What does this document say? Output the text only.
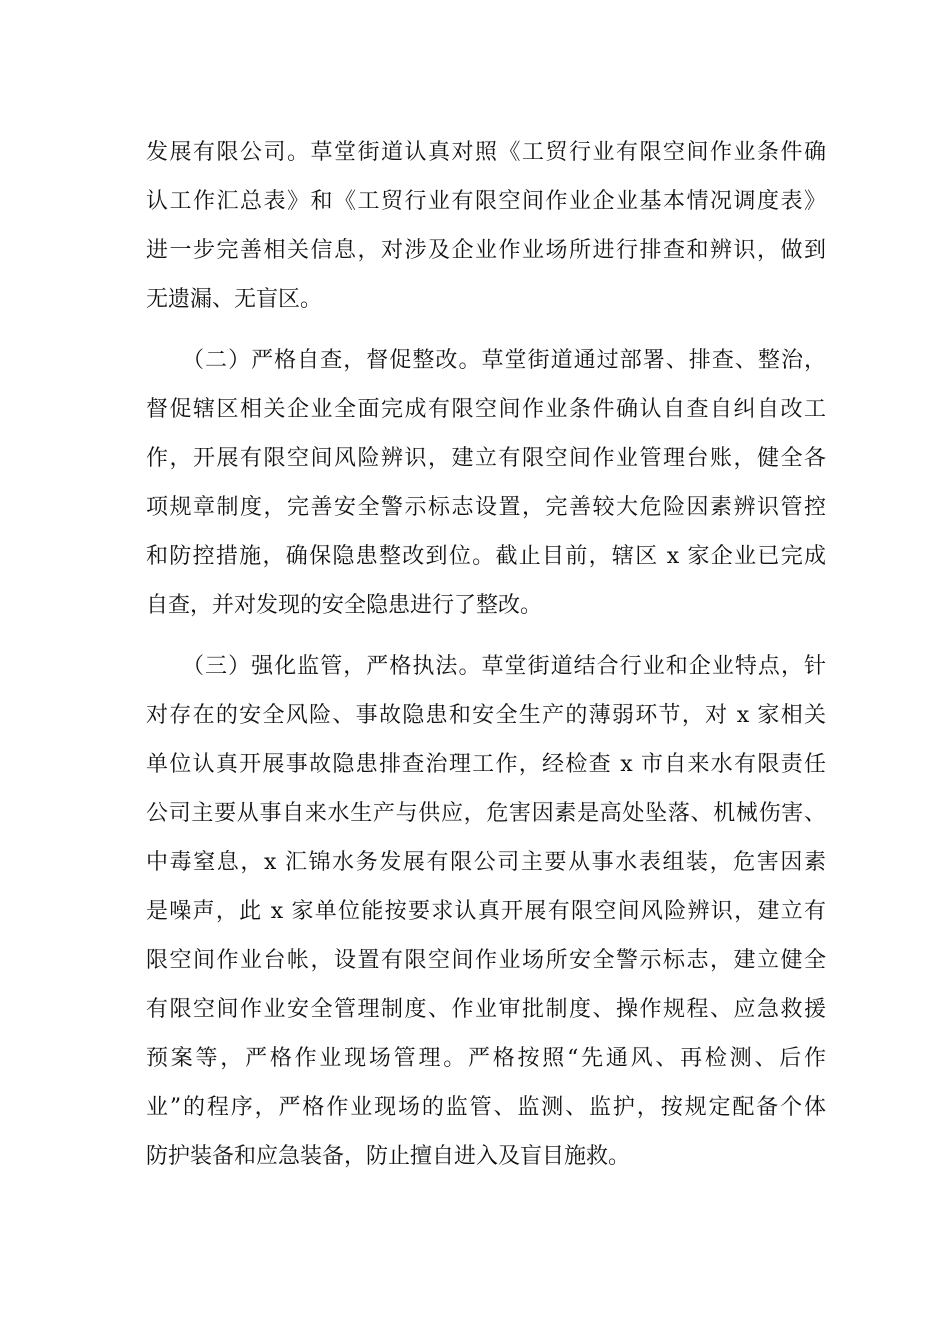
发展有限公司。草堂街道认真对照《工贸行业有限空间作业条件确
认工作汇总表》和《工贸行业有限空间作业企业基本情况调度表》
进一步完善相关信息，对涉及企业作业场所进行排查和辨识，做到
无遗漏、无盲区。
（二）严格自查，督促整改。草堂街道通过部署、排查、整治，
督促辖区相关企业全面完成有限空间作业条件确认自查自纠自改工
作，开展有限空间风险辨识，建立有限空间作业管理台账，健全各
项规章制度，完善安全警示标志设置，完善较大危险因素辨识管控
和防控措施，确保隐患整改到位。截止目前，辖区 x 家企业已完成
自查，并对发现的安全隐患进行了整改。
（三）强化监管，严格执法。草堂街道结合行业和企业特点，针
对存在的安全风险、事故隐患和安全生产的薄弱环节，对 x 家相关
单位认真开展事故隐患排查治理工作，经检查 x 市自来水有限责任
公司主要从事自来水生产与供应，危害因素是高处坠落、机械伤害、
中毒窒息，x 汇锦水务发展有限公司主要从事水表组装，危害因素
是噪声，此 x 家单位能按要求认真开展有限空间风险辨识，建立有
限空间作业台帐，设置有限空间作业场所安全警示标志，建立健全
有限空间作业安全管理制度、作业审批制度、操作规程、应急救援
预案等，严格作业现场管理。严格按照“先通风、再检测、后作
业”的程序，严格作业现场的监管、监测、监护，按规定配备个体
防护装备和应急装备，防止擅自进入及盲目施救。
